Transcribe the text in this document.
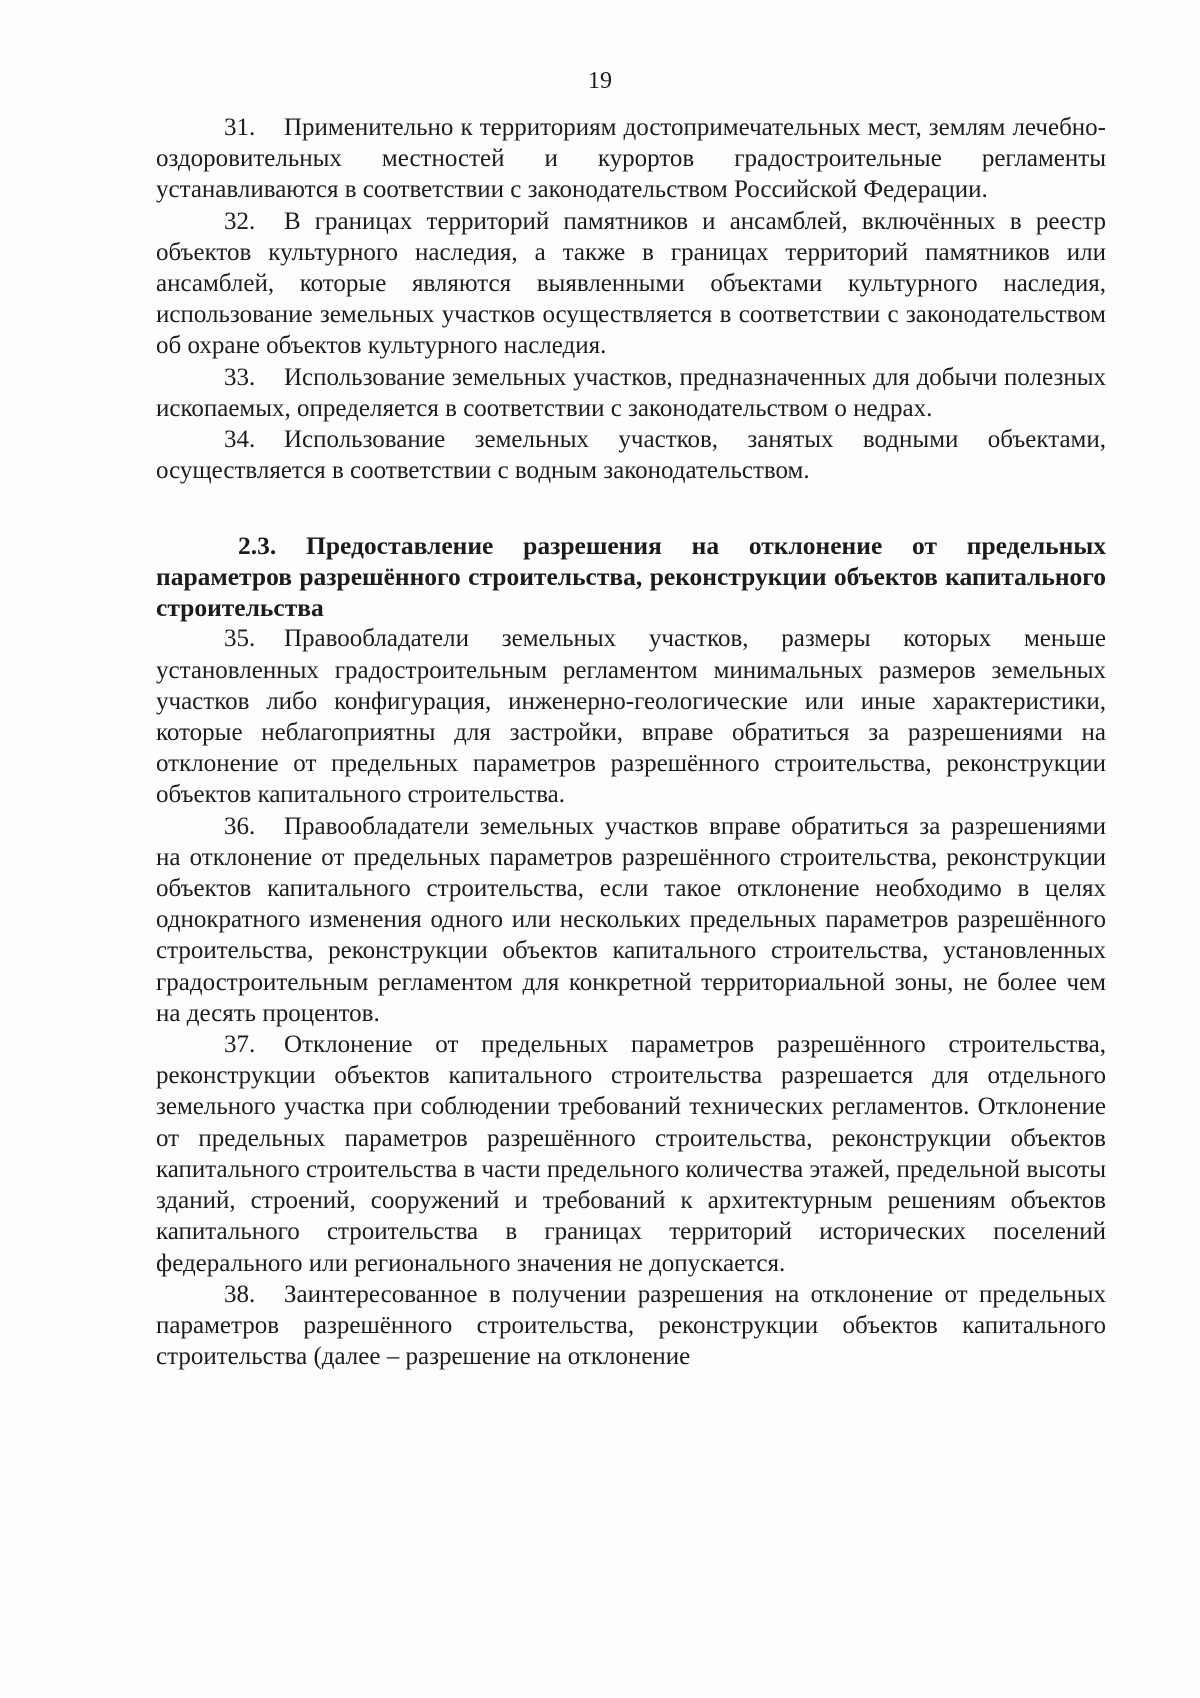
19

31. Применительно к территориям достопримечательных мест, землям лечебно-оздоровительных местностей и курортов градостроительные регламенты устанавливаются в соответствии с законодательством Российской Федерации.

32. В границах территорий памятников и ансамблей, включённых в реестр объектов культурного наследия, а также в границах территорий памятников или ансамблей, которые являются выявленными объектами культурного наследия, использование земельных участков осуществляется в соответствии с законодательством об охране объектов культурного наследия.

33. Использование земельных участков, предназначенных для добычи полезных ископаемых, определяется в соответствии с законодательством о недрах.

34. Использование земельных участков, занятых водными объектами, осуществляется в соответствии с водным законодательством.

2.3. Предоставление разрешения на отклонение от предельных параметров разрешённого строительства, реконструкции объектов капитального строительства

35. Правообладатели земельных участков, размеры которых меньше установленных градостроительным регламентом минимальных размеров земельных участков либо конфигурация, инженерно-геологические или иные характеристики, которые неблагоприятны для застройки, вправе обратиться за разрешениями на отклонение от предельных параметров разрешённого строительства, реконструкции объектов капитального строительства.

36. Правообладатели земельных участков вправе обратиться за разрешениями на отклонение от предельных параметров разрешённого строительства, реконструкции объектов капитального строительства, если такое отклонение необходимо в целях однократного изменения одного или нескольких предельных параметров разрешённого строительства, реконструкции объектов капитального строительства, установленных градостроительным регламентом для конкретной территориальной зоны, не более чем на десять процентов.

37. Отклонение от предельных параметров разрешённого строительства, реконструкции объектов капитального строительства разрешается для отдельного земельного участка при соблюдении требований технических регламентов. Отклонение от предельных параметров разрешённого строительства, реконструкции объектов капитального строительства в части предельного количества этажей, предельной высоты зданий, строений, сооружений и требований к архитектурным решениям объектов капитального строительства в границах территорий исторических поселений федерального или регионального значения не допускается.

38. Заинтересованное в получении разрешения на отклонение от предельных параметров разрешённого строительства, реконструкции объектов капитального строительства (далее – разрешение на отклонение
